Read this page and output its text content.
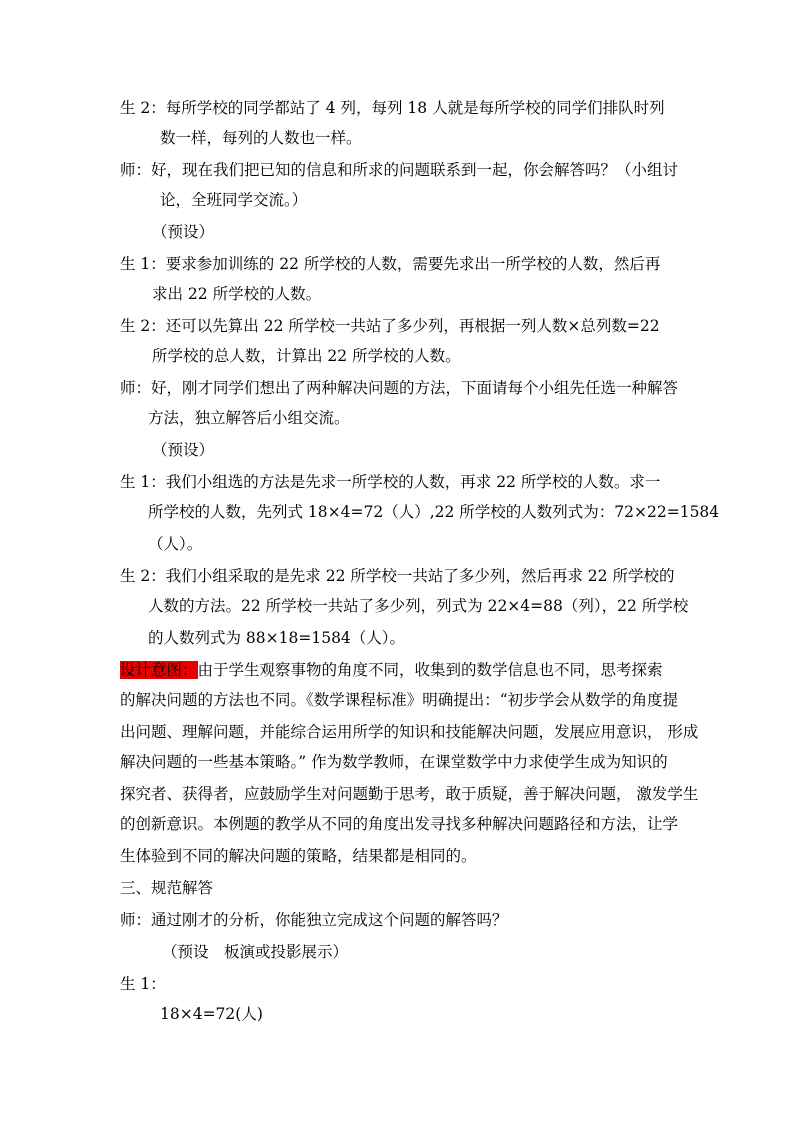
生 2：每所学校的同学都站了 4 列，每列 18 人就是每所学校的同学们排队时列
数一样，每列的人数也一样。
师：好，现在我们把已知的信息和所求的问题联系到一起，你会解答吗？（小组讨
论，全班同学交流。）
（预设）
生 1：要求参加训练的 22 所学校的人数，需要先求出一所学校的人数，然后再
求出 22 所学校的人数。
生 2：还可以先算出 22 所学校一共站了多少列，再根据一列人数×总列数=22
所学校的总人数，计算出 22 所学校的人数。
师：好，刚才同学们想出了两种解决问题的方法，下面请每个小组先任选一种解答
方法，独立解答后小组交流。
（预设）
生 1：我们小组选的方法是先求一所学校的人数，再求 22 所学校的人数。求一
所学校的人数，先列式 18×4=72（人）,22 所学校的人数列式为：72×22=1584
（人）。
生 2：我们小组采取的是先求 22 所学校一共站了多少列，然后再求 22 所学校的
人数的方法。22 所学校一共站了多少列，列式为 22×4=88（列），22 所学校
的人数列式为 88×18=1584（人）。
设计意图：由于学生观察事物的角度不同，收集到的数学信息也不同，思考探索
的解决问题的方法也不同。《数学课程标准》明确提出：“初步学会从数学的角度提
出问题、理解问题，并能综合运用所学的知识和技能解决问题，发展应用意识， 形成
解决问题的一些基本策略。” 作为数学教师，在课堂数学中力求使学生成为知识的
探究者、获得者，应鼓励学生对问题勤于思考，敢于质疑，善于解决问题， 激发学生
的创新意识。本例题的教学从不同的角度出发寻找多种解决问题路径和方法，让学
生体验到不同的解决问题的策略，结果都是相同的。
三、规范解答
师：通过刚才的分析，你能独立完成这个问题的解答吗？
（预设　板演或投影展示）
生 1：
18×4=72(人)
